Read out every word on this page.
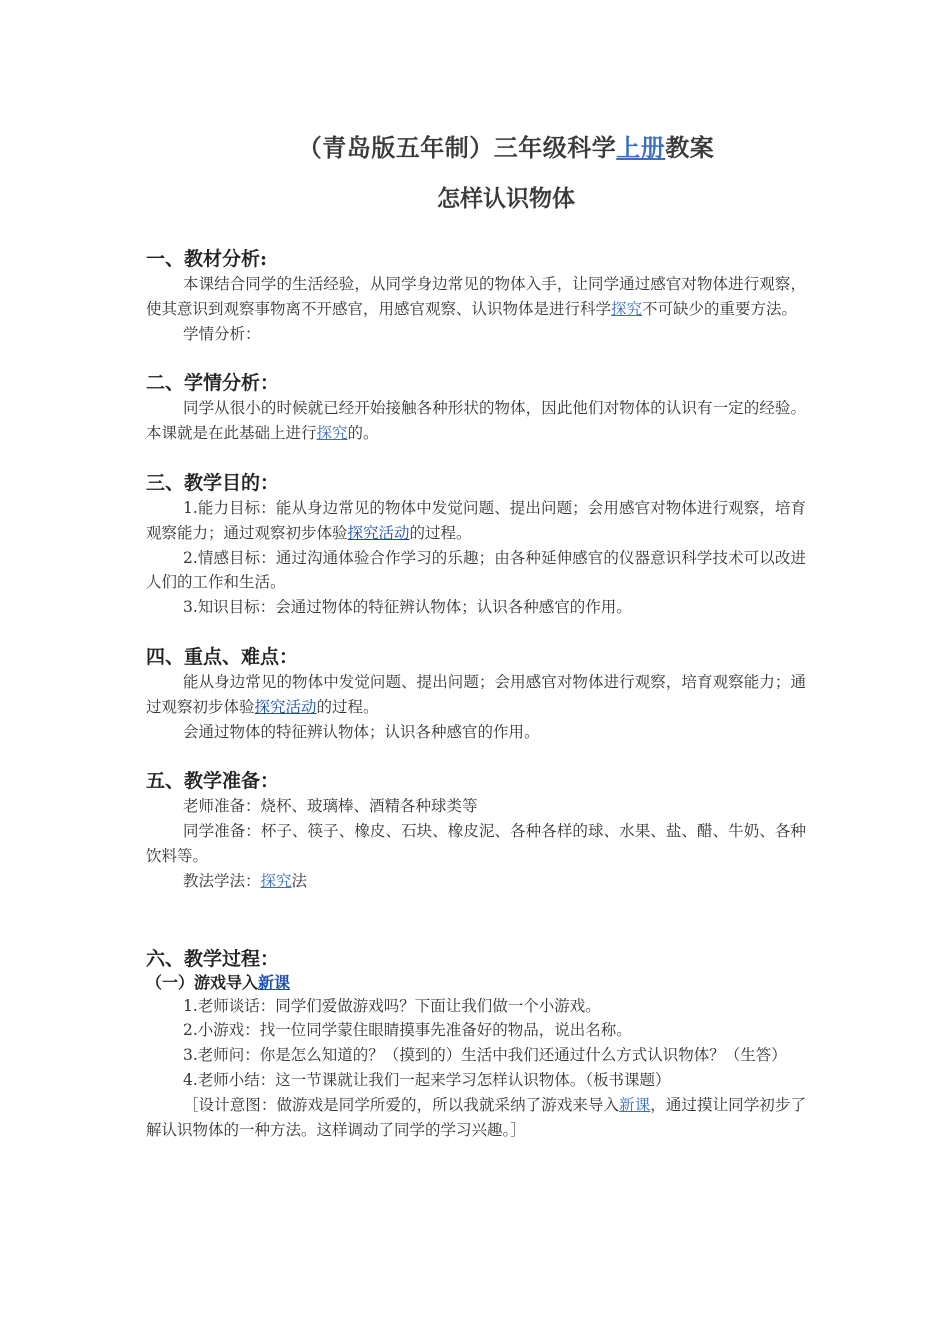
（青岛版五年制）三年级科学上册教案
怎样认识物体
一、教材分析:

本课结合同学的生活经验，从同学身边常见的物体入手，让同学通过感官对物体进行观察，使其意识到观察事物离不开感官，用感官观察、认识物体是进行科学探究不可缺少的重要方法。

学情分析：

二、学情分析：

同学从很小的时候就已经开始接触各种形状的物体，因此他们对物体的认识有一定的经验。 本课就是在此基础上进行探究的。

三、教学目的：

1.能力目标：能从身边常见的物体中发觉问题、提出问题；会用感官对物体进行观察，培育观察能力；通过观察初步体验探究活动的过程。

2.情感目标：通过沟通体验合作学习的乐趣；由各种延伸感官的仪器意识科学技术可以改进人们的工作和生活。

3.知识目标：会通过物体的特征辨认物体；认识各种感官的作用。

四、重点、难点：

能从身边常见的物体中发觉问题、提出问题；会用感官对物体进行观察，培育观察能力；通过观察初步体验探究活动的过程。

会通过物体的特征辨认物体；认识各种感官的作用。

五、教学准备：

老师准备：烧杯、玻璃棒、酒精各种球类等

同学准备：杯子、筷子、橡皮、石块、橡皮泥、各种各样的球、水果、盐、醋、牛奶、各种饮料等。

教法学法：探究法

六、教学过程：
（一）游戏导入新课

1.老师谈话：同学们爱做游戏吗？下面让我们做一个小游戏。

2.小游戏：找一位同学蒙住眼睛摸事先准备好的物品，说出名称。

3.老师问：你是怎么知道的？（摸到的）生活中我们还通过什么方式认识物体？（生答）

4.老师小结：这一节课就让我们一起来学习怎样认识物体。（板书课题）

［设计意图：做游戏是同学所爱的，所以我就采纳了游戏来导入新课，通过摸让同学初步了解认识物体的一种方法。这样调动了同学的学习兴趣。］
